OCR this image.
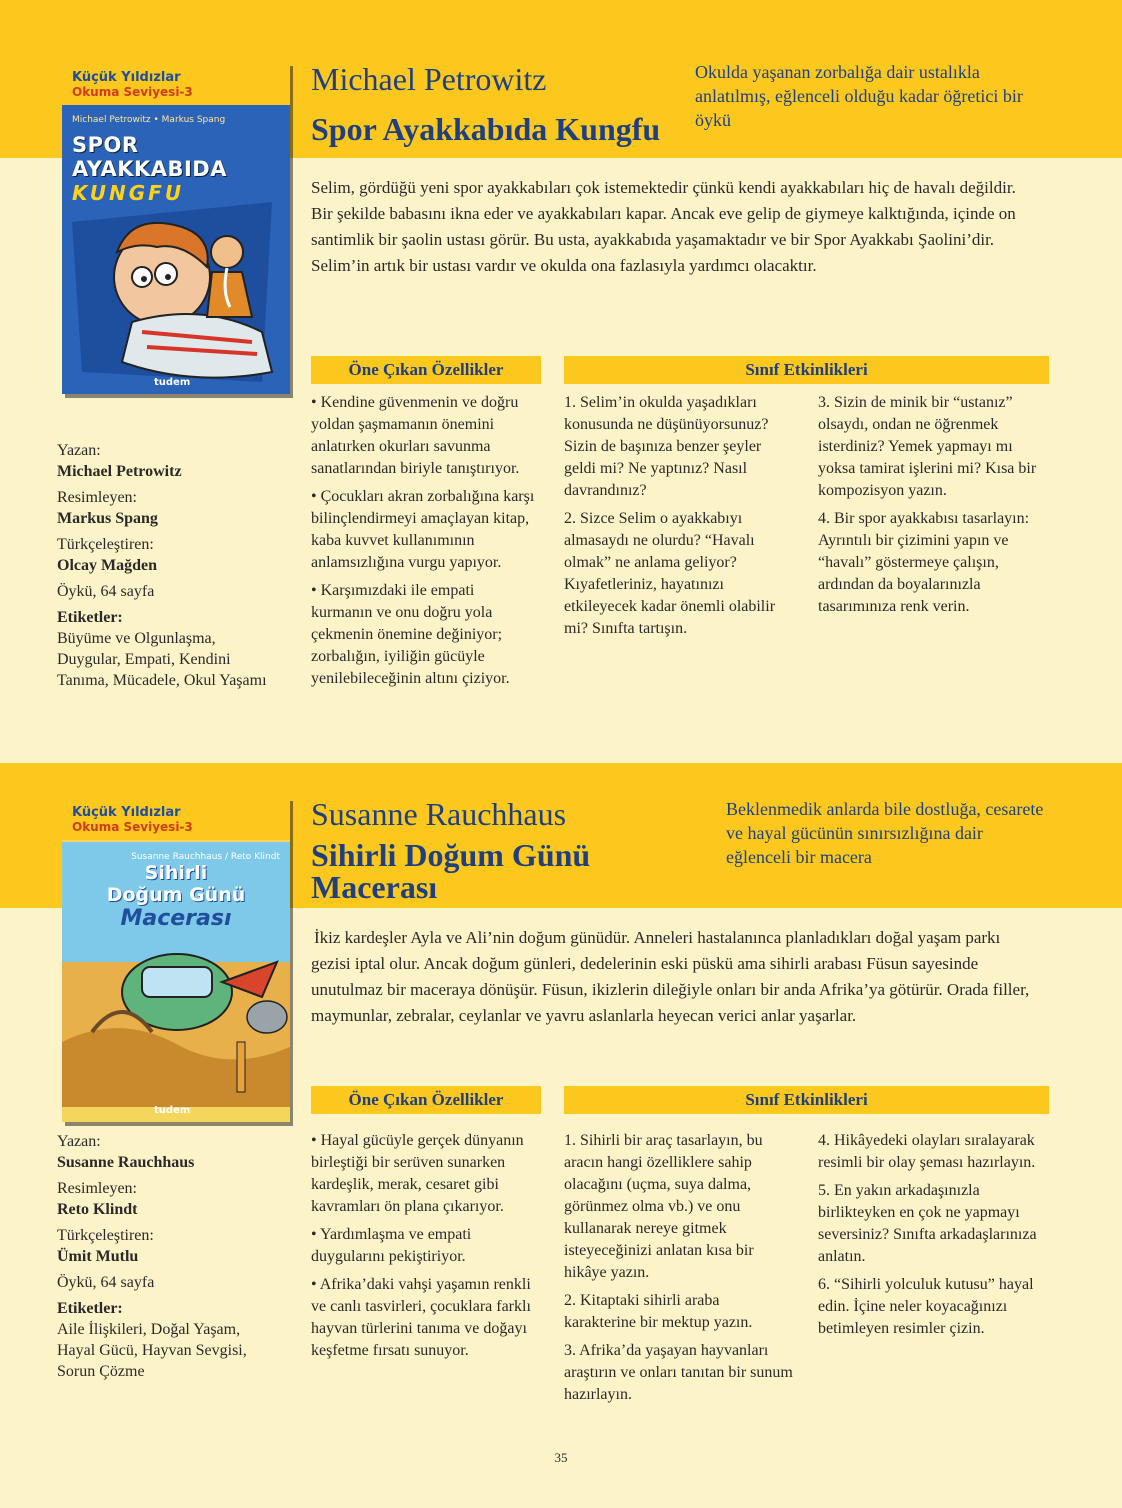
Küçük Yıldızlar
Okuma Seviyesi-3
Michael Petrowitz • Markus Spang
SPOR AYAKKABIDA
KUNGFU
tudem
Michael Petrowitz
Spor Ayakkabıda Kungfu
Okulda yaşanan zorbalığa dair ustalıkla anlatılmış, eğlenceli olduğu kadar öğretici bir öykü
Selim, gördüğü yeni spor ayakkabıları çok istemektedir çünkü kendi ayakkabıları hiç de havalı değildir. Bir şekilde babasını ikna eder ve ayakkabıları kapar. Ancak eve gelip de giymeye kalktığında, içinde on santimlik bir şaolin ustası görür. Bu usta, ayakkabıda yaşamaktadır ve bir Spor Ayakkabı Şaolini’dir. Selim’in artık bir ustası vardır ve okulda ona fazlasıyla yardımcı olacaktır.
Öne Çıkan Özellikler	Sınıf Etkinlikleri

• Kendine güvenmenin ve doğru yoldan şaşmamanın önemini anlatırken okurları savunma sanatlarından biriyle tanıştırıyor.

• Çocukları akran zorbalığına karşı bilinçlendirmeyi amaçlayan kitap, kaba kuvvet kullanımının anlamsızlığına vurgu yapıyor.

• Karşımızdaki ile empati kurmanın ve onu doğru yola çekmenin önemine değiniyor; zorbalığın, iyiliğin gücüyle yenilebileceğinin altını çiziyor.

1. Selim’in okulda yaşadıkları konusunda ne düşünüyorsunuz? Sizin de başınıza benzer şeyler geldi mi? Ne yaptınız? Nasıl davrandınız?

2. Sizce Selim o ayakkabıyı almasaydı ne olurdu? “Havalı olmak” ne anlama geliyor? Kıyafetleriniz, hayatınızı etkileyecek kadar önemli olabilir mi? Sınıfta tartışın.

3. Sizin de minik bir “ustanız” olsaydı, ondan ne öğrenmek isterdiniz? Yemek yapmayı mı yoksa tamirat işlerini mi? Kısa bir kompozisyon yazın.

4. Bir spor ayakkabısı tasarlayın: Ayrıntılı bir çizimini yapın ve “havalı” göstermeye çalışın, ardından da boyalarınızla tasarımınıza renk verin.

Yazan:
Michael Petrowitz
Resimleyen:
Markus Spang
Türkçeleştiren:
Olcay Mağden
Öykü, 64 sayfa
Etiketler:
Büyüme ve Olgunlaşma, Duygular, Empati, Kendini Tanıma, Mücadele, Okul Yaşamı
Küçük Yıldızlar
Okuma Seviyesi-3
Susanne Rauchhaus / Reto Klindt
Sihirli
Doğum Günü
Macerası
tudem
Susanne Rauchhaus
Sihirli Doğum Günü
Macerası
Beklenmedik anlarda bile dostluğa, cesarete ve hayal gücünün sınırsızlığına dair eğlenceli bir macera
İkiz kardeşler Ayla ve Ali’nin doğum günüdür. Anneleri hastalanınca planladıkları doğal yaşam parkı gezisi iptal olur. Ancak doğum günleri, dedelerinin eski püskü ama sihirli arabası Füsun sayesinde unutulmaz bir maceraya dönüşür. Füsun, ikizlerin dileğiyle onları bir anda Afrika’ya götürür. Orada filler, maymunlar, zebralar, ceylanlar ve yavru aslanlarla heyecan verici anlar yaşarlar.
Öne Çıkan Özellikler	Sınıf Etkinlikleri

• Hayal gücüyle gerçek dünyanın birleştiği bir serüven sunarken kardeşlik, merak, cesaret gibi kavramları ön plana çıkarıyor.

• Yardımlaşma ve empati duygularını pekiştiriyor.

• Afrika’daki vahşi yaşamın renkli ve canlı tasvirleri, çocuklara farklı hayvan türlerini tanıma ve doğayı keşfetme fırsatı sunuyor.

1. Sihirli bir araç tasarlayın, bu aracın hangi özelliklere sahip olacağını (uçma, suya dalma, görünmez olma vb.) ve onu kullanarak nereye gitmek isteyeceğinizi anlatan kısa bir hikâye yazın.

2. Kitaptaki sihirli araba karakterine bir mektup yazın.

3. Afrika’da yaşayan hayvanları araştırın ve onları tanıtan bir sunum hazırlayın.

4. Hikâyedeki olayları sıralayarak resimli bir olay şeması hazırlayın.

5. En yakın arkadaşınızla birlikteyken en çok ne yapmayı seversiniz? Sınıfta arkadaşlarınıza anlatın.

6. “Sihirli yolculuk kutusu” hayal edin. İçine neler koyacağınızı betimleyen resimler çizin.

Yazan:
Susanne Rauchhaus
Resimleyen:
Reto Klindt
Türkçeleştiren:
Ümit Mutlu
Öykü, 64 sayfa
Etiketler:
Aile İlişkileri, Doğal Yaşam, Hayal Gücü, Hayvan Sevgisi, Sorun Çözme
35
